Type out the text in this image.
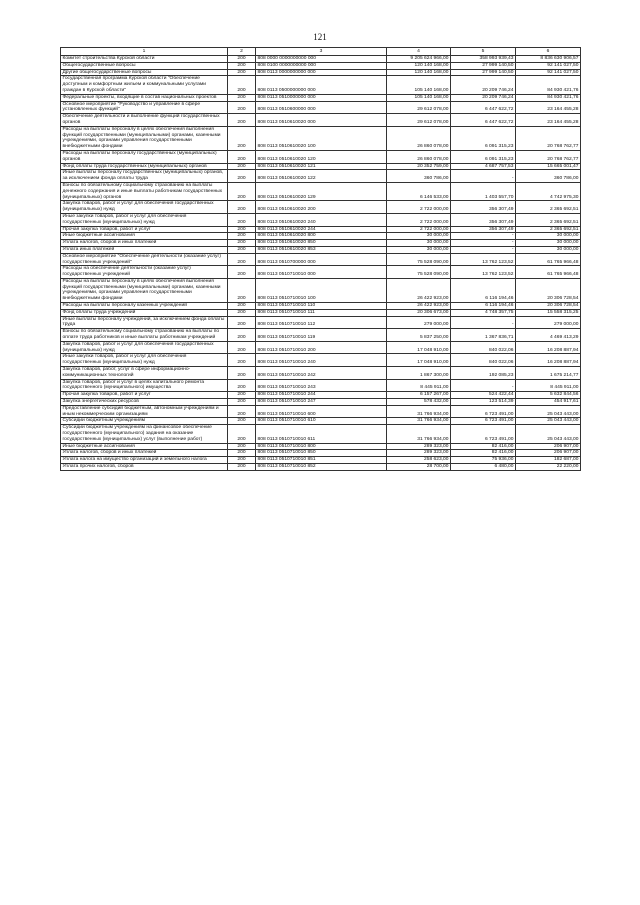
121
1	2	3	4	5	6
Комитет строительства Курской области	200	808 0000 0000000000 000	9 205 624 966,00	358 993 939,43	8 836 630 906,57
Общегосударственные вопросы	200	808 0100 0000000000 000	120 140 168,00	27 999 140,50	92 141 027,50
Другие общегосударственные вопросы	200	808 0113 0000000000 000	120 140 168,00	27 999 140,50	92 141 027,50
Государственная программа Курской области "Обеспечение доступным и комфортным жильем и коммунальными услугами граждан в Курской области"	200	808 0113 0500000000 000	105 140 168,00	20 209 746,24	84 930 421,76
Федеральные проекты, входящие в состав национальных проектов	200	808 0113 0510000000 000	105 140 168,00	20 209 746,24	84 930 421,76
Основное мероприятие "Руководство и управление в сфере установленных функций"	200	808 0113 0510600000 000	29 612 078,00	6 447 622,72	23 164 455,28
Обеспечение деятельности и выполнение функций государственных органов	200	808 0113 0510610020 000	29 612 078,00	6 447 622,72	23 164 455,28
Расходы на выплаты персоналу в целях обеспечения выполнения функций государственными (муниципальными) органами, казенными учреждениями, органами управления государственными внебюджетными фондами	200	808 0113 0510610020 100	26 860 078,00	6 091 315,23	20 768 762,77
Расходы на выплаты персоналу государственных (муниципальных) органов	200	808 0113 0510610020 120	26 860 078,00	6 091 315,23	20 768 762,77
Фонд оплаты труда государственных (муниципальных) органов	200	808 0113 0510610020 121	20 352 759,00	4 687 757,53	15 665 001,47
Иные выплаты персоналу государственных (муниципальных) органов, за исключением фонда оплаты труда	200	808 0113 0510610020 122	360 786,00	-	360 786,00
Взносы по обязательному социальному страхованию на выплаты денежного содержания и иные выплаты работникам государственных (муниципальных) органов	200	808 0113 0510610020 129	6 146 533,00	1 403 557,70	4 742 975,30
Закупка товаров, работ и услуг для обеспечения государственных (муниципальных) нужд	200	808 0113 0510610020 200	2 722 000,00	356 307,49	2 365 692,51
Иные закупки товаров, работ и услуг для обеспечения государственных (муниципальных) нужд	200	808 0113 0510610020 240	2 722 000,00	356 307,49	2 365 692,51
Прочая закупка товаров, работ и услуг	200	808 0113 0510610020 244	2 722 000,00	356 307,49	2 365 692,51
Иные бюджетные ассигнования	200	808 0113 0510610020 800	30 000,00	-	30 000,00
Уплата налогов, сборов и иных платежей	200	808 0113 0510610020 850	30 000,00	-	30 000,00
Уплата иных платежей	200	808 0113 0510610020 853	30 000,00	-	30 000,00
Основное мероприятие "Обеспечение деятельности (оказание услуг) государственных учреждений"	200	808 0113 0510700000 000	75 528 090,00	13 762 123,52	61 765 966,48
Расходы на обеспечение деятельности (оказание услуг) государственных учреждений	200	808 0113 0510710010 000	75 528 090,00	13 762 123,52	61 765 966,48
Расходы на выплаты персоналу в целях обеспечения выполнения функций государственными (муниципальными) органами, казенными учреждениями, органами управления государственными внебюджетными фондами	200	808 0113 0510710010 100	26 422 923,00	6 116 194,46	20 306 728,54
Расходы на выплаты персоналу казенных учреждений	200	808 0113 0510710010 110	26 422 923,00	6 116 194,46	20 306 728,54
Фонд оплаты труда учреждений	200	808 0113 0510710010 111	20 306 673,00	4 748 357,75	15 558 315,25
Иные выплаты персоналу учреждений, за исключением фонда оплаты труда	200	808 0113 0510710010 112	279 000,00	-	279 000,00
Взносы по обязательному социальному страхованию на выплаты по оплате труда работников и иные выплаты работникам учреждений	200	808 0113 0510710010 119	5 837 250,00	1 367 836,71	4 469 413,29
Закупка товаров, работ и услуг для обеспечения государственных (муниципальных) нужд	200	808 0113 0510710010 200	17 048 910,00	840 022,06	16 208 887,94
Иные закупки товаров, работ и услуг для обеспечения государственных (муниципальных) нужд	200	808 0113 0510710010 240	17 048 910,00	840 022,06	16 208 887,94
Закупка товаров, работ, услуг в сфере информационно-коммуникационных технологий	200	808 0113 0510710010 242	1 867 300,00	192 085,23	1 675 214,77
Закупка товаров, работ и услуг в целях капитального ремонта государственного (муниципального) имущества	200	808 0113 0510710010 243	8 445 911,00	-	8 445 911,00
Прочая закупка товаров, работ и услуг	200	808 0113 0510710010 244	6 157 267,00	524 422,44	5 632 844,56
Закупка энергетических ресурсов	200	808 0113 0510710010 247	578 432,00	123 514,39	454 917,61
Предоставление субсидий бюджетным, автономным учреждениям и иным некоммерческим организациям	200	808 0113 0510710010 600	31 766 934,00	6 723 491,00	25 043 443,00
Субсидии бюджетным учреждениям	200	808 0113 0510710010 610	31 766 934,00	6 723 491,00	25 043 443,00
Субсидии бюджетным учреждениям на финансовое обеспечение государственного (муниципального) задания на оказание государственных (муниципальных) услуг (выполнение работ)	200	808 0113 0510710010 611	31 766 934,00	6 723 491,00	25 043 443,00
Иные бюджетные ассигнования	200	808 0113 0510710010 800	289 323,00	82 416,00	206 907,00
Уплата налогов, сборов и иных платежей	200	808 0113 0510710010 850	289 323,00	82 416,00	206 907,00
Уплата налога на имущество организаций и земельного налога	200	808 0113 0510710010 851	258 623,00	75 936,00	182 687,00
Уплата прочих налогов, сборов	200	808 0113 0510710010 852	28 700,00	6 480,00	22 220,00
